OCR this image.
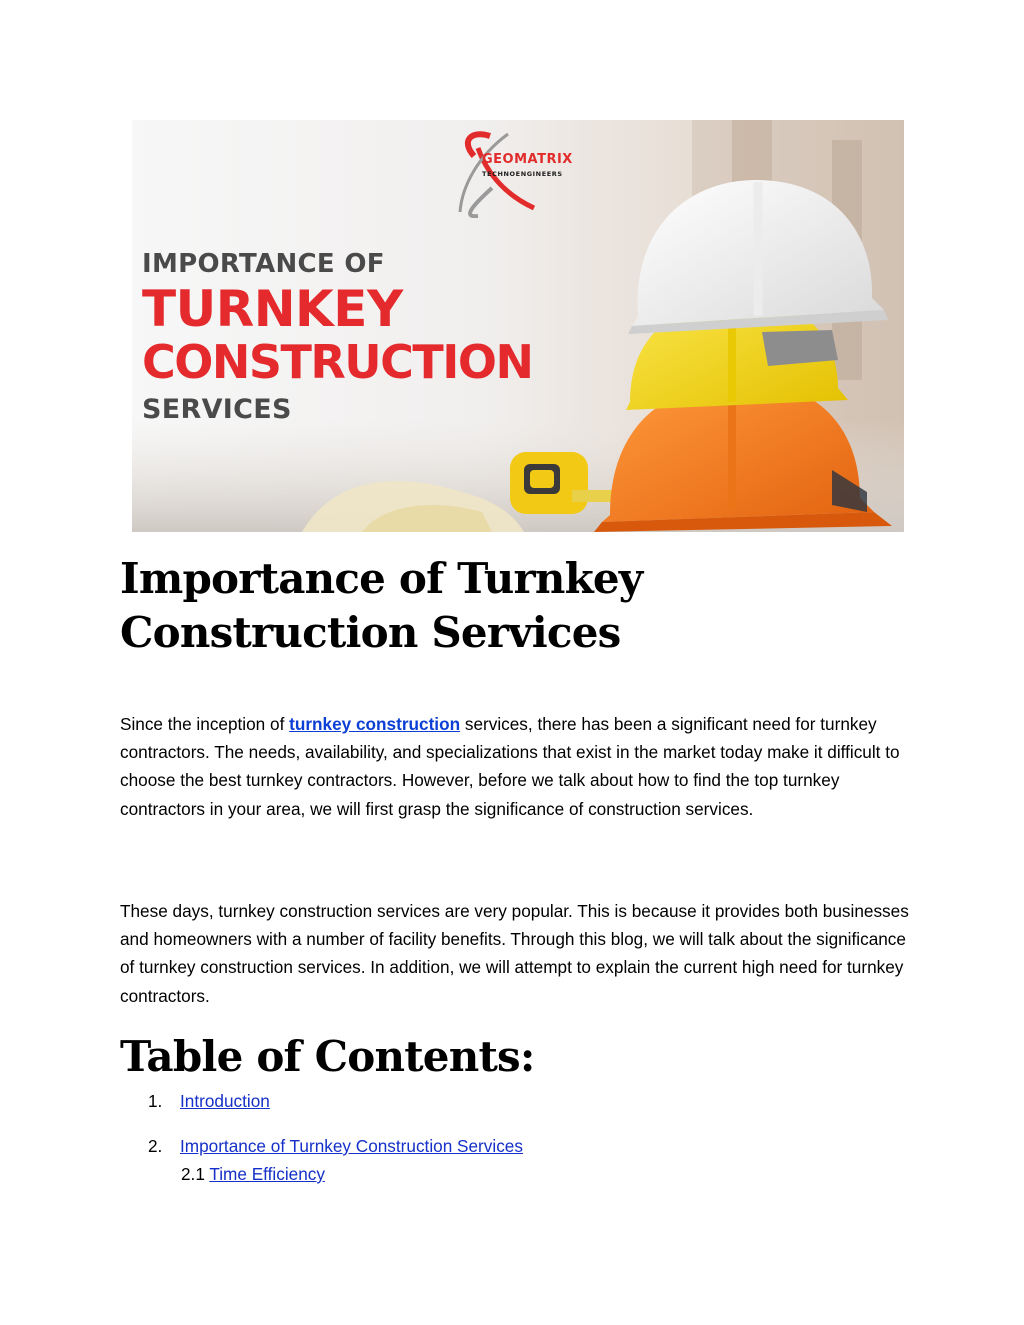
GEOMATRIX
TECHNOENGINEERS
IMPORTANCE OF
TURNKEY
CONSTRUCTION
SERVICES
Importance of Turnkey Construction Services

Since the inception of turnkey construction services, there has been a significant need for turnkey contractors. The needs, availability, and specializations that exist in the market today make it difficult to choose the best turnkey contractors. However, before we talk about how to find the top turnkey contractors in your area, we will first grasp the significance of construction services.

These days, turnkey construction services are very popular. This is because it provides both businesses and homeowners with a number of facility benefits. Through this blog, we will talk about the significance of turnkey construction services. In addition, we will attempt to explain the current high need for turnkey contractors.

Table of Contents:
1. Introduction
2. Importance of Turnkey Construction Services
2.1 Time Efficiency
